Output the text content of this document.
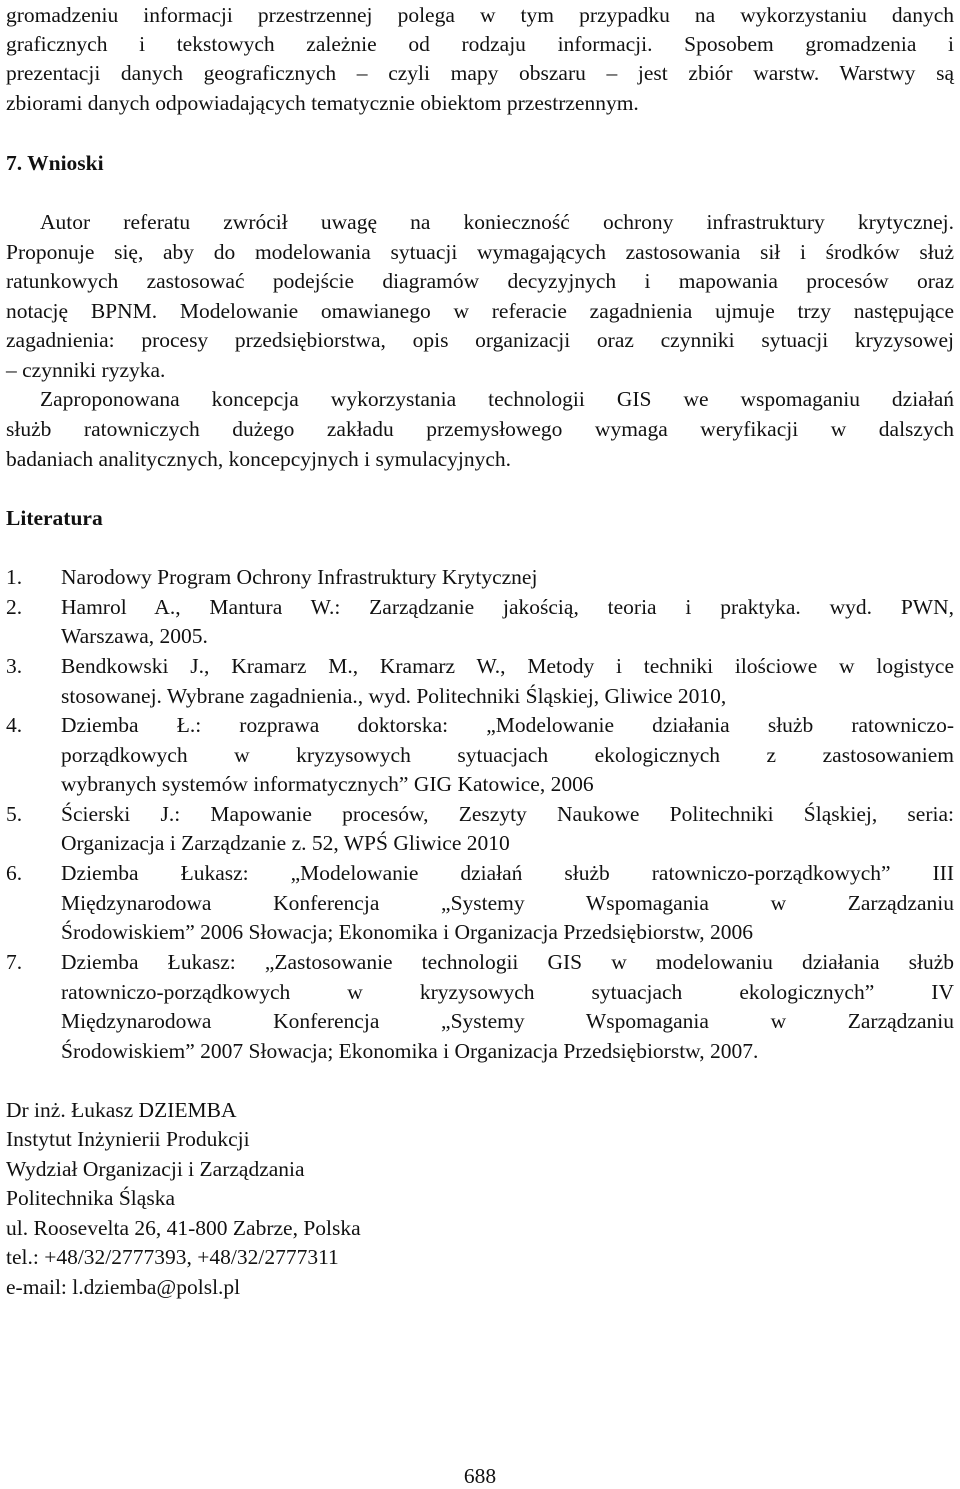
gromadzeniu informacji przestrzennej polega w tym przypadku na wykorzystaniu danych
graficznych i tekstowych zależnie od rodzaju informacji. Sposobem gromadzenia i
prezentacji danych geograficznych – czyli mapy obszaru – jest zbiór warstw. Warstwy są
zbiorami danych odpowiadających tematycznie obiektom przestrzennym.
7. Wnioski
Autor referatu zwrócił uwagę na konieczność ochrony infrastruktury krytycznej.
Proponuje się, aby do modelowania sytuacji wymagających zastosowania sił i środków służ
ratunkowych zastosować podejście diagramów decyzyjnych i mapowania procesów oraz
notację BPNM. Modelowanie omawianego w referacie zagadnienia ujmuje trzy następujące
zagadnienia: procesy przedsiębiorstwa, opis organizacji oraz czynniki sytuacji kryzysowej
– czynniki ryzyka.
Zaproponowana koncepcja wykorzystania technologii GIS we wspomaganiu działań
służb ratowniczych dużego zakładu przemysłowego wymaga weryfikacji w dalszych
badaniach analitycznych, koncepcyjnych i symulacyjnych.
Literatura
1.	Narodowy Program Ochrony Infrastruktury Krytycznej
2.	Hamrol A., Mantura W.: Zarządzanie jakością, teoria i praktyka. wyd. PWN,
Warszawa, 2005.
3.	Bendkowski J., Kramarz M., Kramarz W., Metody i techniki ilościowe w logistyce
stosowanej. Wybrane zagadnienia., wyd. Politechniki Śląskiej, Gliwice 2010,
4.	Dziemba Ł.: rozprawa doktorska: „Modelowanie działania służb ratowniczo-
porządkowych w kryzysowych sytuacjach ekologicznych z zastosowaniem
wybranych systemów informatycznych” GIG Katowice, 2006
5.	Ścierski J.: Mapowanie procesów, Zeszyty Naukowe Politechniki Śląskiej, seria:
Organizacja i Zarządzanie z. 52, WPŚ Gliwice 2010
6.	Dziemba Łukasz: „Modelowanie działań służb ratowniczo-porządkowych” III
Międzynarodowa Konferencja „Systemy Wspomagania w Zarządzaniu
Środowiskiem” 2006 Słowacja; Ekonomika i Organizacja Przedsiębiorstw, 2006
7.	Dziemba Łukasz: „Zastosowanie technologii GIS w modelowaniu działania służb
ratowniczo-porządkowych w kryzysowych sytuacjach ekologicznych” IV
Międzynarodowa Konferencja „Systemy Wspomagania w Zarządzaniu
Środowiskiem” 2007 Słowacja; Ekonomika i Organizacja Przedsiębiorstw, 2007.
Dr inż. Łukasz DZIEMBA
Instytut Inżynierii Produkcji
Wydział Organizacji i Zarządzania
Politechnika Śląska
ul. Roosevelta 26, 41-800 Zabrze, Polska
tel.: +48/32/2777393, +48/32/2777311
e-mail: l.dziemba@polsl.pl
688
